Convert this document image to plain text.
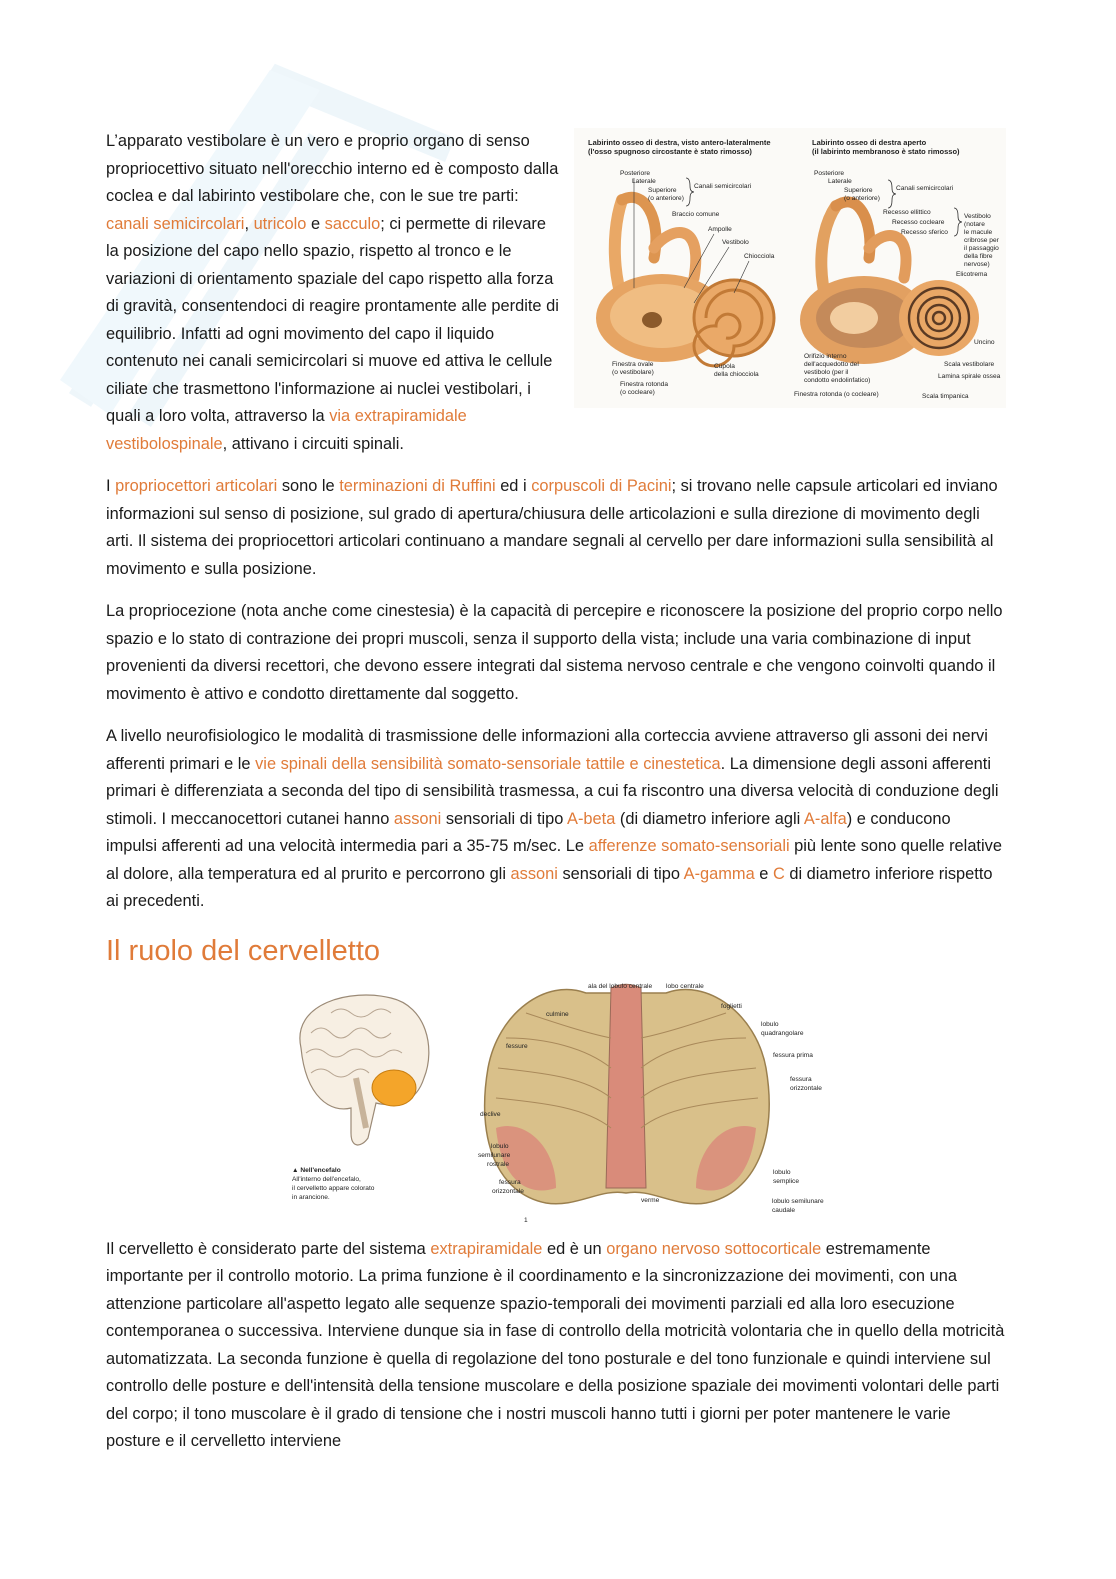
Labirinto osseo di destra, visto antero-lateralmente
(l'osso spugnoso circostante è stato rimosso)
Labirinto osseo di destra aperto
(il labirinto membranoso è stato rimosso)
Posteriore
Laterale
Superiore
(o anteriore)
Canali semicircolari
Braccio comune
Ampolle
Vestibolo
Chiocciola
Finestra ovale
(o vestibolare)
Finestra rotonda
(o cocleare)
Cupola
della chiocciola
Posteriore
Laterale
Superiore
(o anteriore)
Canali semicircolari
Recesso ellittico
Recesso cocleare
Recesso sferico
Vestibolo
(notare
le macule
cribrose per
il passaggio
della fibre
nervose)
Elicotrema
Uncino
Orifizio interno
dell'acquedotto del
vestibolo (per il
condotto endolinfatico)
Scala vestibolare
Lamina spirale ossea
Finestra rotonda (o cocleare)	Scala timpanica

L’apparato vestibolare è un vero e proprio organo di senso propriocettivo situato nell'orecchio interno ed è composto dalla coclea e dal labirinto vestibolare che, con le sue tre parti: canali semicircolari, utricolo e sacculo; ci permette di rilevare la posizione del capo nello spazio, rispetto al tronco e le variazioni di orientamento spaziale del capo rispetto alla forza di gravità, consentendoci di reagire prontamente alle perdite di equilibrio. Infatti ad ogni movimento del capo il liquido contenuto nei canali semicircolari si muove ed attiva le cellule ciliate che trasmettono l'informazione ai nuclei vestibolari, i quali a loro volta, attraverso la via extrapiramidale vestibolospinale, attivano i circuiti spinali.

I propriocettori articolari sono le terminazioni di Ruffini ed i corpuscoli di Pacini; si trovano nelle capsule articolari ed inviano informazioni sul senso di posizione, sul grado di apertura/chiusura delle articolazioni e sulla direzione di movimento degli arti. Il sistema dei propriocettori articolari continuano a mandare segnali al cervello per dare informazioni sulla sensibilità al movimento e sulla posizione.

La propriocezione (nota anche come cinestesia) è la capacità di percepire e riconoscere la posizione del proprio corpo nello spazio e lo stato di contrazione dei propri muscoli, senza il supporto della vista; include una varia combinazione di input provenienti da diversi recettori, che devono essere integrati dal sistema nervoso centrale e che vengono coinvolti quando il movimento è attivo e condotto direttamente dal soggetto.

A livello neurofisiologico le modalità di trasmissione delle informazioni alla corteccia avviene attraverso gli assoni dei nervi afferenti primari e le vie spinali della sensibilità somato-sensoriale tattile e cinestetica. La dimensione degli assoni afferenti primari è differenziata a seconda del tipo di sensibilità trasmessa, a cui fa riscontro una diversa velocità di conduzione degli stimoli. I meccanocettori cutanei hanno assoni sensoriali di tipo A-beta (di diametro inferiore agli A-alfa) e conducono impulsi afferenti ad una velocità intermedia pari a 35-75 m/sec. Le afferenze somato-sensoriali più lente sono quelle relative al dolore, alla temperatura ed al prurito e percorrono gli assoni sensoriali di tipo A-gamma e C di diametro inferiore rispetto ai precedenti.

Il ruolo del cervelletto
▲ Nell'encefalo
All'interno dell'encefalo,
il cervelletto appare colorato
in arancione.
ala del lobulo centrale lobo centrale
culmine
foglietti
lobulo
quadrangolare
fessure
fessura prima
fessura
orizzontale
declive
lobulo
semilunare
rostrale
fessura
orizzontale
verme
lobulo
semplice
lobulo semilunare
caudale
1

Il cervelletto è considerato parte del sistema extrapiramidale ed è un organo nervoso sottocorticale estremamente importante per il controllo motorio. La prima funzione è il coordinamento e la sincronizzazione dei movimenti, con una attenzione particolare all'aspetto legato alle sequenze spazio-temporali dei movimenti parziali ed alla loro esecuzione contemporanea o successiva. Interviene dunque sia in fase di controllo della motricità volontaria che in quello della motricità automatizzata. La seconda funzione è quella di regolazione del tono posturale e del tono funzionale e quindi interviene sul controllo delle posture e dell'intensità della tensione muscolare e della posizione spaziale dei movimenti volontari delle parti del corpo; il tono muscolare è il grado di tensione che i nostri muscoli hanno tutti i giorni per poter mantenere le varie posture e il cervelletto interviene
